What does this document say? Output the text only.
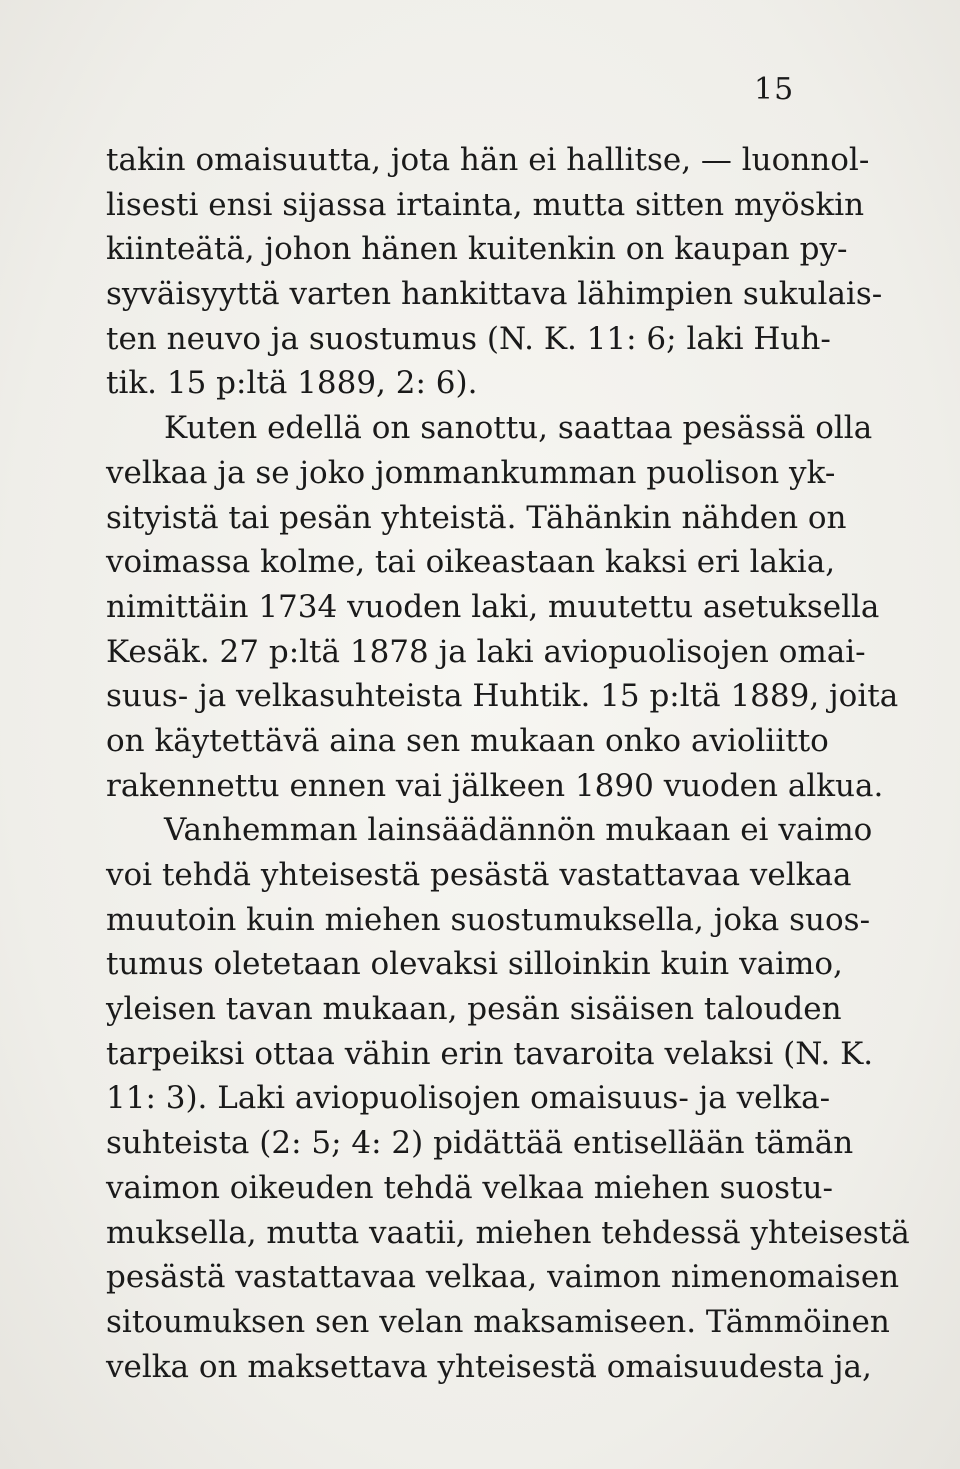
15
takin omaisuutta, jota hän ei hallitse, — luonnol-
lisesti ensi sijassa irtainta, mutta sitten myöskin
kiinteätä, johon hänen kuitenkin on kaupan py-
syväisyyttä varten hankittava lähimpien sukulais-
ten neuvo ja suostumus (N. K. 11: 6; laki Huh-
tik. 15 p:ltä 1889, 2: 6).
Kuten edellä on sanottu, saattaa pesässä olla
velkaa ja se joko jommankumman puolison yk-
sityistä tai pesän yhteistä. Tähänkin nähden on
voimassa kolme, tai oikeastaan kaksi eri lakia,
nimittäin 1734 vuoden laki, muutettu asetuksella
Kesäk. 27 p:ltä 1878 ja laki aviopuolisojen omai-
suus- ja velkasuhteista Huhtik. 15 p:ltä 1889, joita
on käytettävä aina sen mukaan onko avioliitto
rakennettu ennen vai jälkeen 1890 vuoden alkua.
Vanhemman lainsäädännön mukaan ei vaimo
voi tehdä yhteisestä pesästä vastattavaa velkaa
muutoin kuin miehen suostumuksella, joka suos-
tumus oletetaan olevaksi silloinkin kuin vaimo,
yleisen tavan mukaan, pesän sisäisen talouden
tarpeiksi ottaa vähin erin tavaroita velaksi (N. K.
11: 3). Laki aviopuolisojen omaisuus- ja velka-
suhteista (2: 5; 4: 2) pidättää entisellään tämän
vaimon oikeuden tehdä velkaa miehen suostu-
muksella, mutta vaatii, miehen tehdessä yhteisestä
pesästä vastattavaa velkaa, vaimon nimenomaisen
sitoumuksen sen velan maksamiseen. Tämmöinen
velka on maksettava yhteisestä omaisuudesta ja,
